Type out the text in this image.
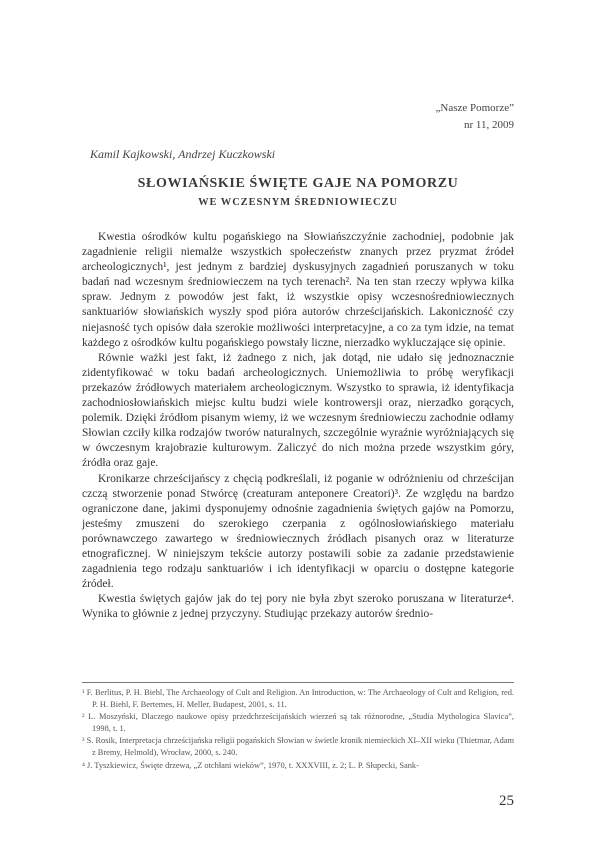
„Nasze Pomorze”
nr 11, 2009
Kamil Kajkowski, Andrzej Kuczkowski
SŁOWIAŃSKIE ŚWIĘTE GAJE NA POMORZU
WE WCZESNYM ŚREDNIOWIECZU

Kwestia ośrodków kultu pogańskiego na Słowiańszczyźnie zachodniej, podobnie jak zagadnienie religii niemalże wszystkich społeczeństw znanych przez pryzmat źródeł archeologicznych¹, jest jednym z bardziej dyskusyjnych zagadnień poruszanych w toku badań nad wczesnym średniowieczem na tych terenach². Na ten stan rzeczy wpływa kilka spraw. Jednym z powodów jest fakt, iż wszystkie opisy wczesnośredniowiecznych sanktuariów słowiańskich wyszły spod pióra autorów chrześcijańskich. Lakoniczność czy niejasność tych opisów dała szerokie możliwości interpretacyjne, a co za tym idzie, na temat każdego z ośrodków kultu pogańskiego powstały liczne, nierzadko wykluczające się opinie.

Równie ważki jest fakt, iż żadnego z nich, jak dotąd, nie udało się jednoznacznie zidentyfikować w toku badań archeologicznych. Uniemożliwia to próbę weryfikacji przekazów źródłowych materiałem archeologicznym. Wszystko to sprawia, iż identyfikacja zachodniosłowiańskich miejsc kultu budzi wiele kontrowersji oraz, nierzadko gorących, polemik. Dzięki źródłom pisanym wiemy, iż we wczesnym średniowieczu zachodnie odłamy Słowian czciły kilka rodzajów tworów naturalnych, szczególnie wyraźnie wyróżniających się w ówczesnym krajobrazie kulturowym. Zaliczyć do nich można przede wszystkim góry, źródła oraz gaje.

Kronikarze chrześcijańscy z chęcią podkreślali, iż poganie w odróżnieniu od chrześcijan czczą stworzenie ponad Stwórcę (creaturam anteponere Creatori)³. Ze względu na bardzo ograniczone dane, jakimi dysponujemy odnośnie zagadnienia świętych gajów na Pomorzu, jesteśmy zmuszeni do szerokiego czerpania z ogólnosłowiańskiego materiału porównawczego zawartego w średniowiecznych źródłach pisanych oraz w literaturze etnograficznej. W niniejszym tekście autorzy postawili sobie za zadanie przedstawienie zagadnienia tego rodzaju sanktuariów i ich identyfikacji w oparciu o dostępne kategorie źródeł.

Kwestia świętych gajów jak do tej pory nie była zbyt szeroko poruszana w literaturze⁴. Wynika to głównie z jednej przyczyny. Studiując przekazy autorów średnio-

¹ F. Berlitus, P. H. Biehl, The Archaeology of Cult and Religion. An Introduction, w: The Archaeology of Cult and Religion, red. P. H. Biehl, F. Bertemes, H. Meller, Budapest, 2001, s. 11.

² L. Moszyński, Dlaczego naukowe opisy przedchrześcijańskich wierzeń są tak różnorodne, „Studia Mythologica Slavica”, 1998, t. 1.

³ S. Rosik, Interpretacja chrześcijańska religii pogańskich Słowian w świetle kronik niemieckich XI–XII wieku (Thietmar, Adam z Bremy, Helmold), Wrocław, 2000, s. 240.

⁴ J. Tyszkiewicz, Święte drzewa, „Z otchłani wieków”, 1970, t. XXXVIII, z. 2; L. P. Słupecki, Sank-

25
